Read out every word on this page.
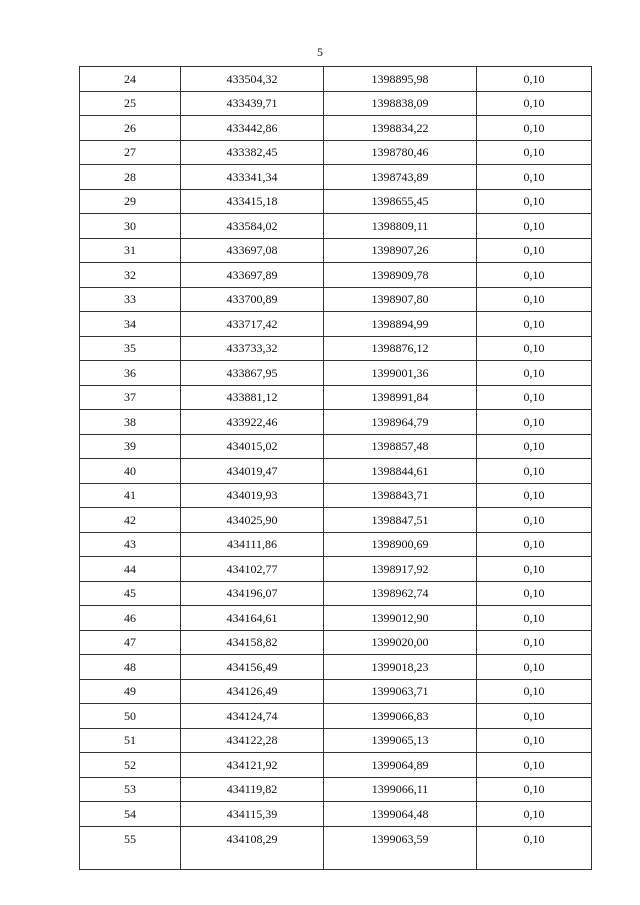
5
24	433504,32	1398895,98	0,10
25	433439,71	1398838,09	0,10
26	433442,86	1398834,22	0,10
27	433382,45	1398780,46	0,10
28	433341,34	1398743,89	0,10
29	433415,18	1398655,45	0,10
30	433584,02	1398809,11	0,10
31	433697,08	1398907,26	0,10
32	433697,89	1398909,78	0,10
33	433700,89	1398907,80	0,10
34	433717,42	1398894,99	0,10
35	433733,32	1398876,12	0,10
36	433867,95	1399001,36	0,10
37	433881,12	1398991,84	0,10
38	433922,46	1398964,79	0,10
39	434015,02	1398857,48	0,10
40	434019,47	1398844,61	0,10
41	434019,93	1398843,71	0,10
42	434025,90	1398847,51	0,10
43	434111,86	1398900,69	0,10
44	434102,77	1398917,92	0,10
45	434196,07	1398962,74	0,10
46	434164,61	1399012,90	0,10
47	434158,82	1399020,00	0,10
48	434156,49	1399018,23	0,10
49	434126,49	1399063,71	0,10
50	434124,74	1399066,83	0,10
51	434122,28	1399065,13	0,10
52	434121,92	1399064,89	0,10
53	434119,82	1399066,11	0,10
54	434115,39	1399064,48	0,10
55	434108,29	1399063,59	0,10
